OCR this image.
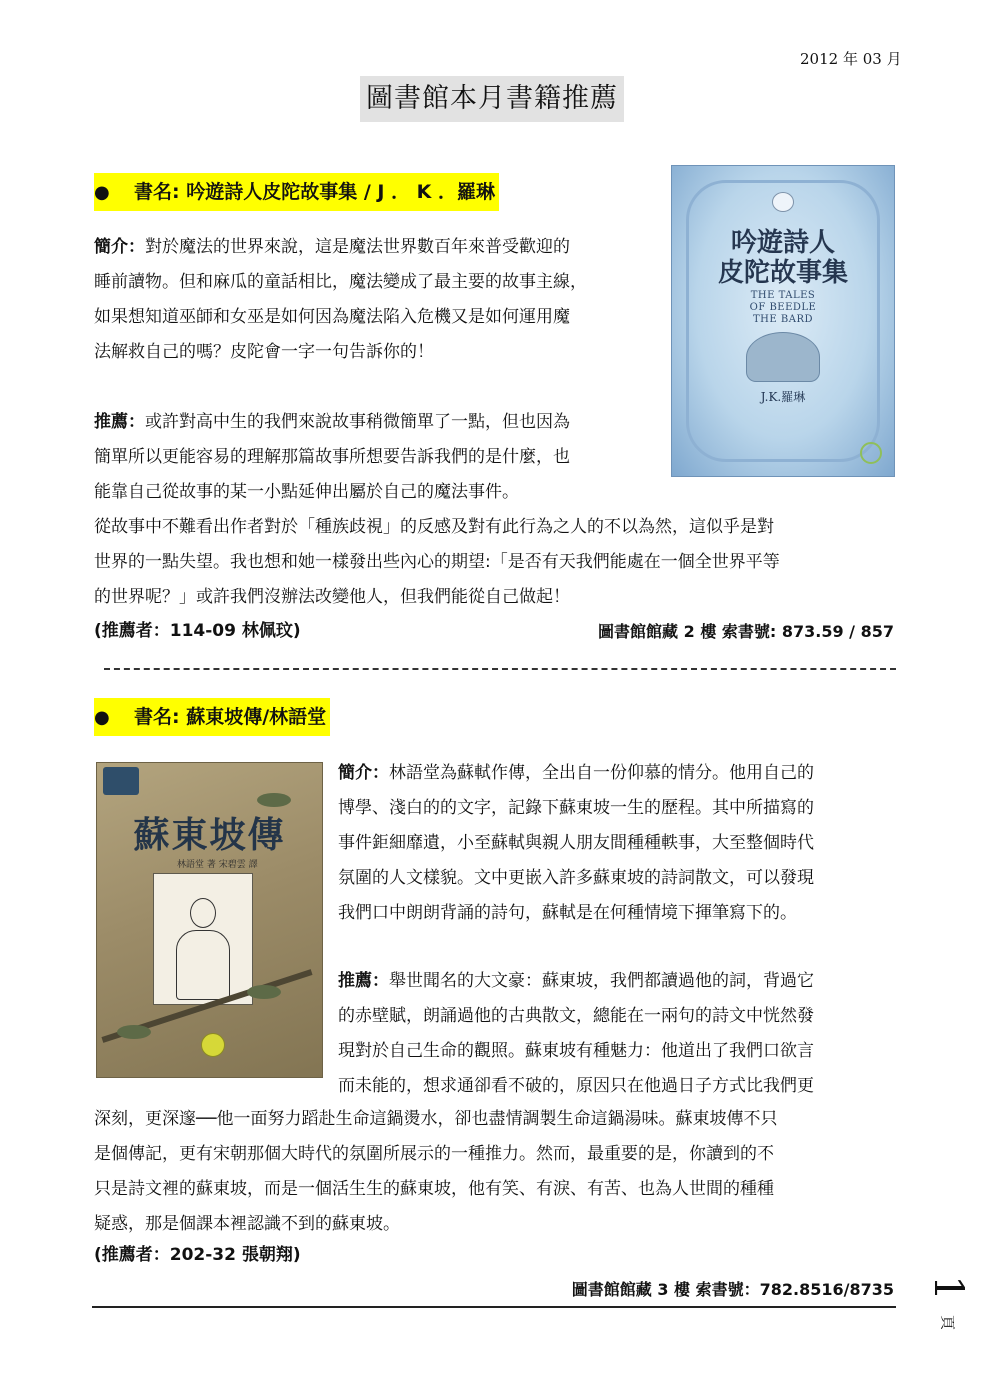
2012 年 03 月
圖書館本月書籍推薦
● 書名: 吟遊詩人皮陀故事集 / J ． K ．羅琳
吟遊詩人
皮陀故事集
THE TALES OF BEEDLE THE BARD
J.K.羅琳
簡介：對於魔法的世界來說，這是魔法世界數百年來普受歡迎的
睡前讀物。但和麻瓜的童話相比，魔法變成了最主要的故事主線，
如果想知道巫師和女巫是如何因為魔法陷入危機又是如何運用魔
法解救自己的嗎？皮陀會一字一句告訴你的！
推薦：或許對高中生的我們來說故事稍微簡單了一點，但也因為
簡單所以更能容易的理解那篇故事所想要告訴我們的是什麼，也
能靠自己從故事的某一小點延伸出屬於自己的魔法事件。
從故事中不難看出作者對於「種族歧視」的反感及對有此行為之人的不以為然，這似乎是對
世界的一點失望。我也想和她一樣發出些內心的期望:「是否有天我們能處在一個全世界平等
的世界呢？」或許我們沒辦法改變他人，但我們能從自己做起！
(推薦者：114-09 林佩玟)	圖書館館藏 2 樓 索書號: 873.59 / 857
● 書名: 蘇東坡傳/林語堂
蘇東坡傳
林語堂 著 宋碧雲 譯
簡介：林語堂為蘇軾作傳，全出自一份仰慕的情分。他用自己的
博學、淺白的的文字，記錄下蘇東坡一生的歷程。其中所描寫的
事件鉅細靡遺，小至蘇軾與親人朋友間種種軼事，大至整個時代
氛圍的人文樣貌。文中更嵌入許多蘇東坡的詩詞散文，可以發現
我們口中朗朗背誦的詩句，蘇軾是在何種情境下揮筆寫下的。
推薦：舉世聞名的大文豪：蘇東坡，我們都讀過他的詞，背過它
的赤壁賦，朗誦過他的古典散文，總能在一兩句的詩文中恍然發
現對於自己生命的觀照。蘇東坡有種魅力：他道出了我們口欲言
而未能的，想求通卻看不破的，原因只在他過日子方式比我們更
深刻，更深邃──他一面努力蹈赴生命這鍋燙水，卻也盡情調製生命這鍋湯味。蘇東坡傳不只
是個傳記，更有宋朝那個大時代的氛圍所展示的一種推力。然而，最重要的是，你讀到的不
只是詩文裡的蘇東坡，而是一個活生生的蘇東坡，他有笑、有淚、有苦、也為人世間的種種
疑惑，那是個課本裡認識不到的蘇東坡。
(推薦者：202-32 張朝翔)
圖書館館藏 3 樓 索書號：782.8516/8735 1
頁
